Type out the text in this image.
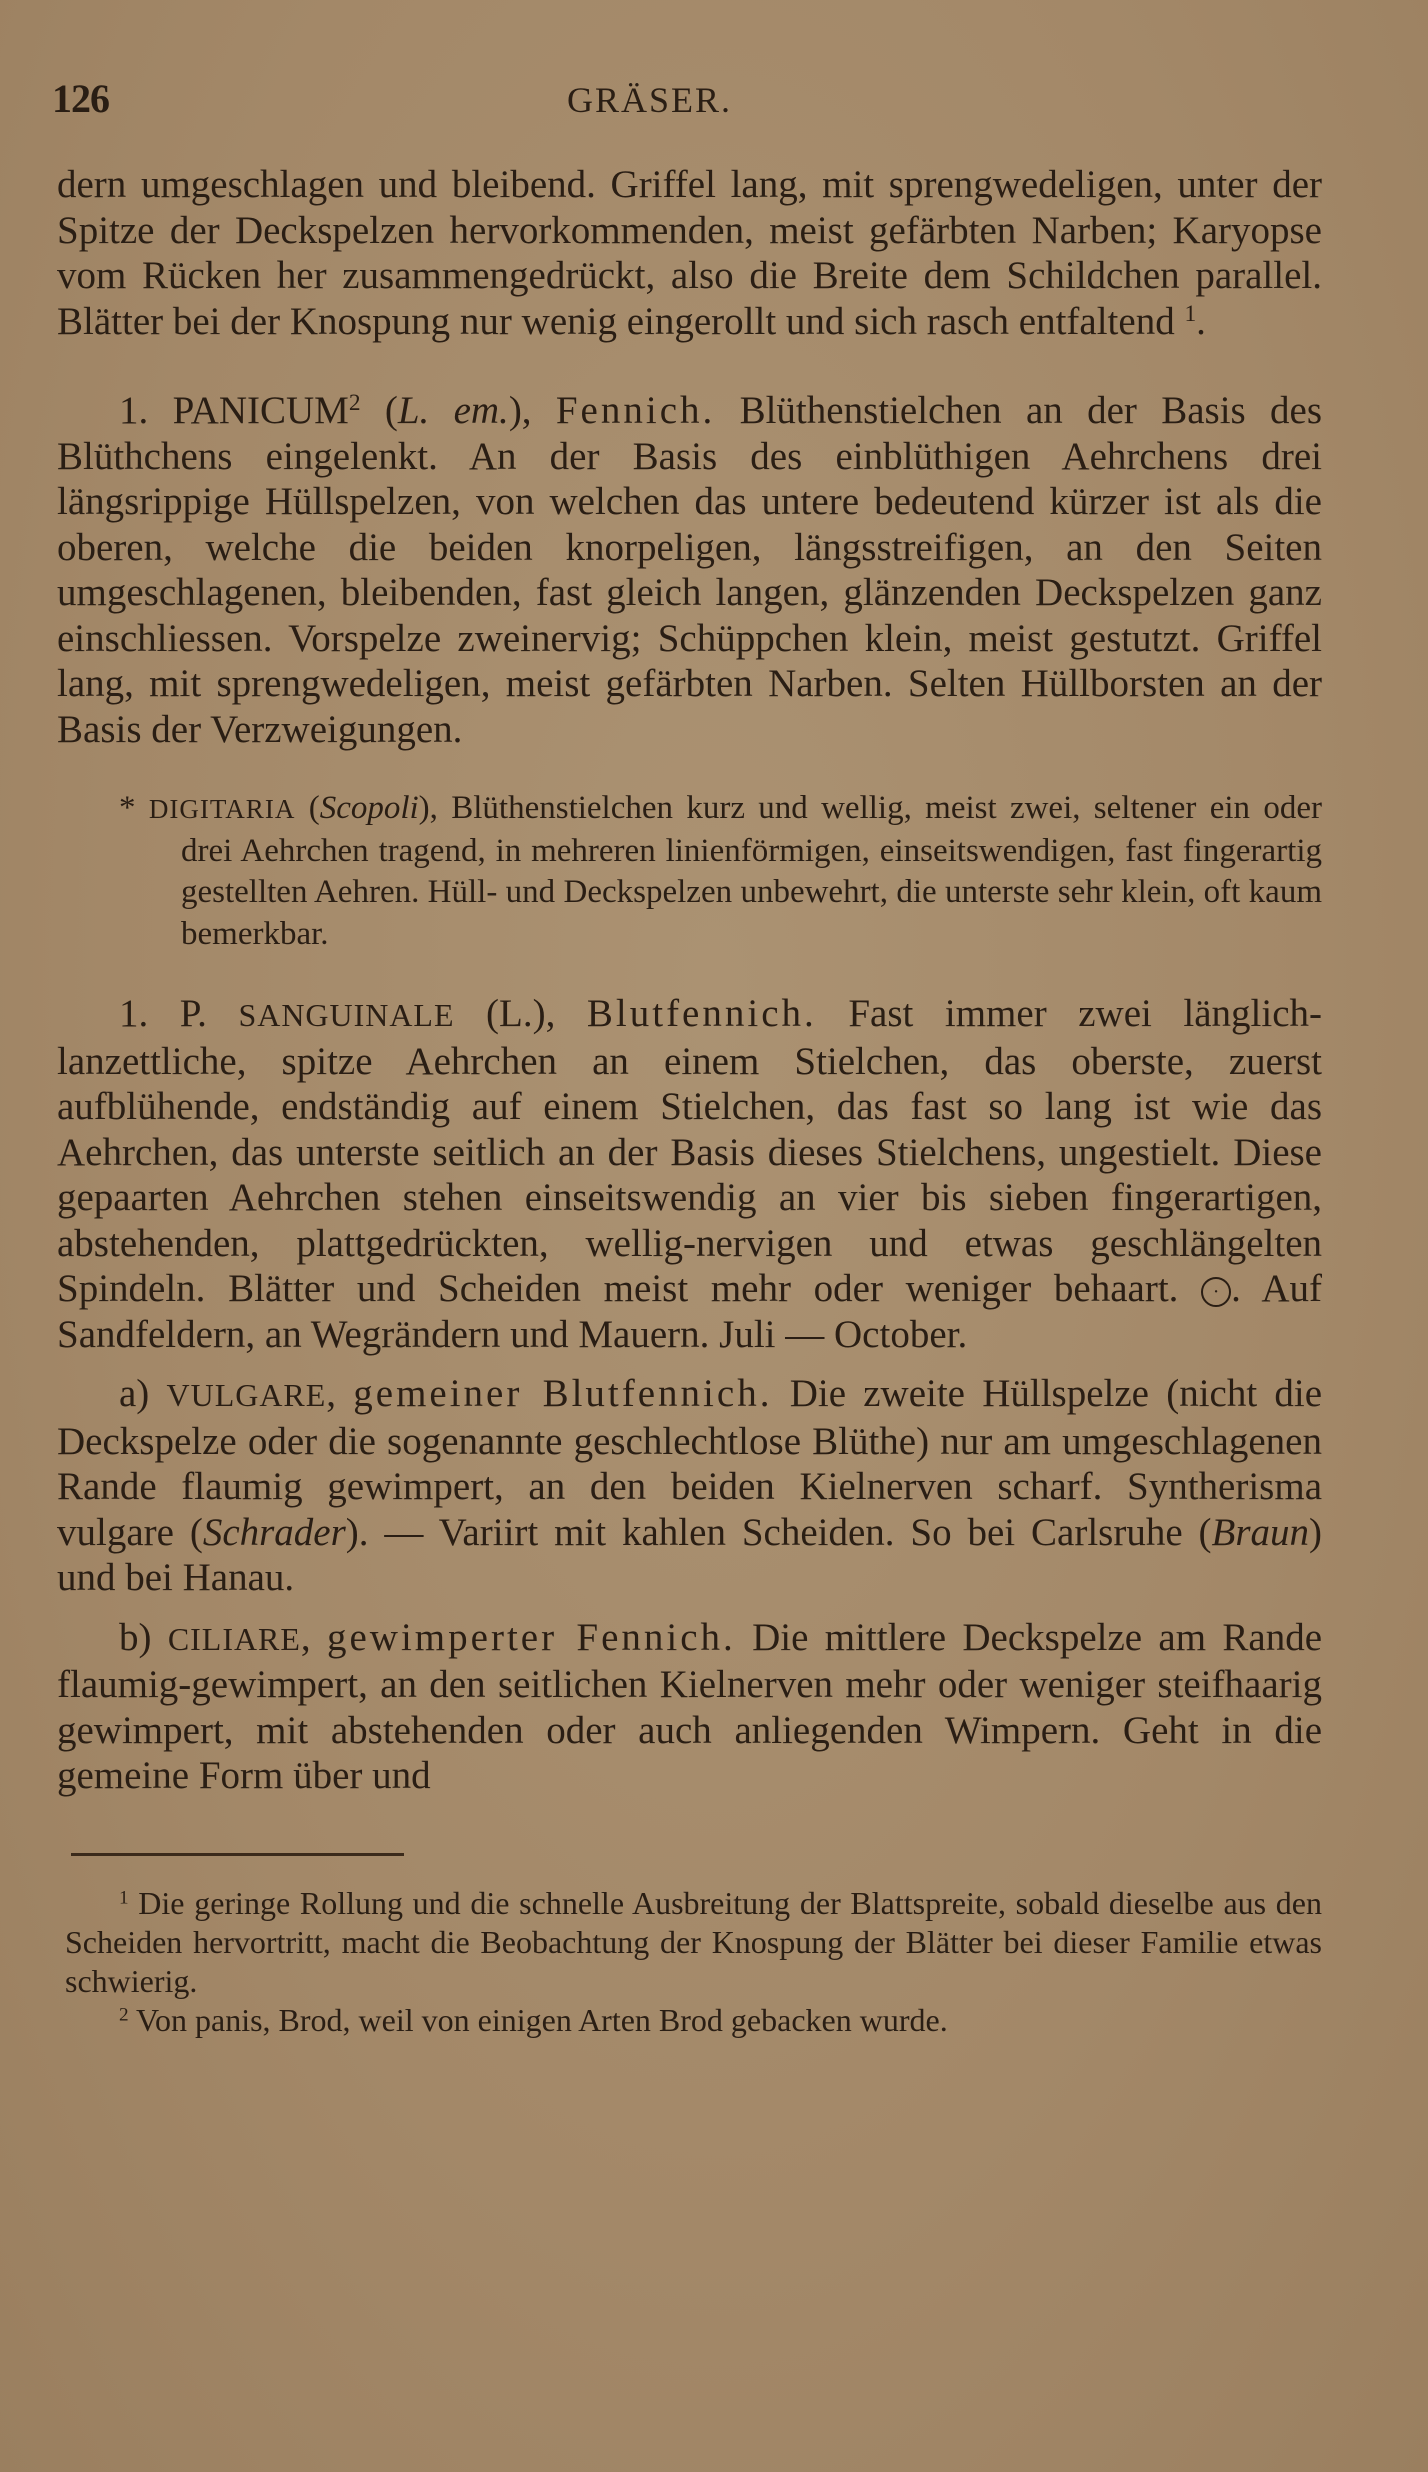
126	GRÄSER.

dern umgeschlagen und bleibend. Griffel lang, mit sprengwedeligen, unter der Spitze der Deckspelzen hervorkommenden, meist gefärbten Narben; Karyopse vom Rücken her zusammengedrückt, also die Breite dem Schildchen parallel. Blätter bei der Knospung nur wenig eingerollt und sich rasch entfaltend $^1$.

1. PANICUM$^2$ (L. em.), Fennich. Blüthenstielchen an der Basis des Blüthchens eingelenkt. An der Basis des einblüthigen Aehrchens drei längsrippige Hüllspelzen, von welchen das untere bedeutend kürzer ist als die oberen, welche die beiden knorpeligen, längsstreifigen, an den Seiten umgeschlagenen, bleibenden, fast gleich langen, glänzenden Deckspelzen ganz einschliessen. Vorspelze zweinervig; Schüppchen klein, meist gestutzt. Griffel lang, mit sprengwedeligen, meist gefärbten Narben. Selten Hüllborsten an der Basis der Verzweigungen.

* DIGITARIA (Scopoli), Blüthenstielchen kurz und wellig, meist zwei, seltener ein oder drei Aehrchen tragend, in mehreren linienförmigen, einseitswendigen, fast fingerartig gestellten Aehren. Hüll- und Deckspelzen unbewehrt, die unterste sehr klein, oft kaum bemerkbar.

1. P. SANGUINALE (L.), Blutfennich. Fast immer zwei länglich-lanzettliche, spitze Aehrchen an einem Stielchen, das oberste, zuerst aufblühende, endständig auf einem Stielchen, das fast so lang ist wie das Aehrchen, das unterste seitlich an der Basis dieses Stielchens, ungestielt. Diese gepaarten Aehrchen stehen einseitswendig an vier bis sieben fingerartigen, abstehenden, plattgedrückten, wellig-nervigen und etwas geschlängelten Spindeln. Blätter und Scheiden meist mehr oder weniger behaart. · . Auf Sandfeldern, an Wegrändern und Mauern. Juli — October.

a) VULGARE, gemeiner Blutfennich. Die zweite Hüllspelze (nicht die Deckspelze oder die sogenannte geschlechtlose Blüthe) nur am umgeschlagenen Rande flaumig gewimpert, an den beiden Kielnerven scharf. Syntherisma vulgare (Schrader). — Variirt mit kahlen Scheiden. So bei Carlsruhe (Braun) und bei Hanau.

b) CILIARE, gewimperter Fennich. Die mittlere Deckspelze am Rande flaumig-gewimpert, an den seitlichen Kielnerven mehr oder weniger steifhaarig gewimpert, mit abstehenden oder auch anliegenden Wimpern. Geht in die gemeine Form über und

$^1$ Die geringe Rollung und die schnelle Ausbreitung der Blattspreite, sobald dieselbe aus den Scheiden hervortritt, macht die Beobachtung der Knospung der Blätter bei dieser Familie etwas schwierig.

$^2$ Von panis, Brod, weil von einigen Arten Brod gebacken wurde.
